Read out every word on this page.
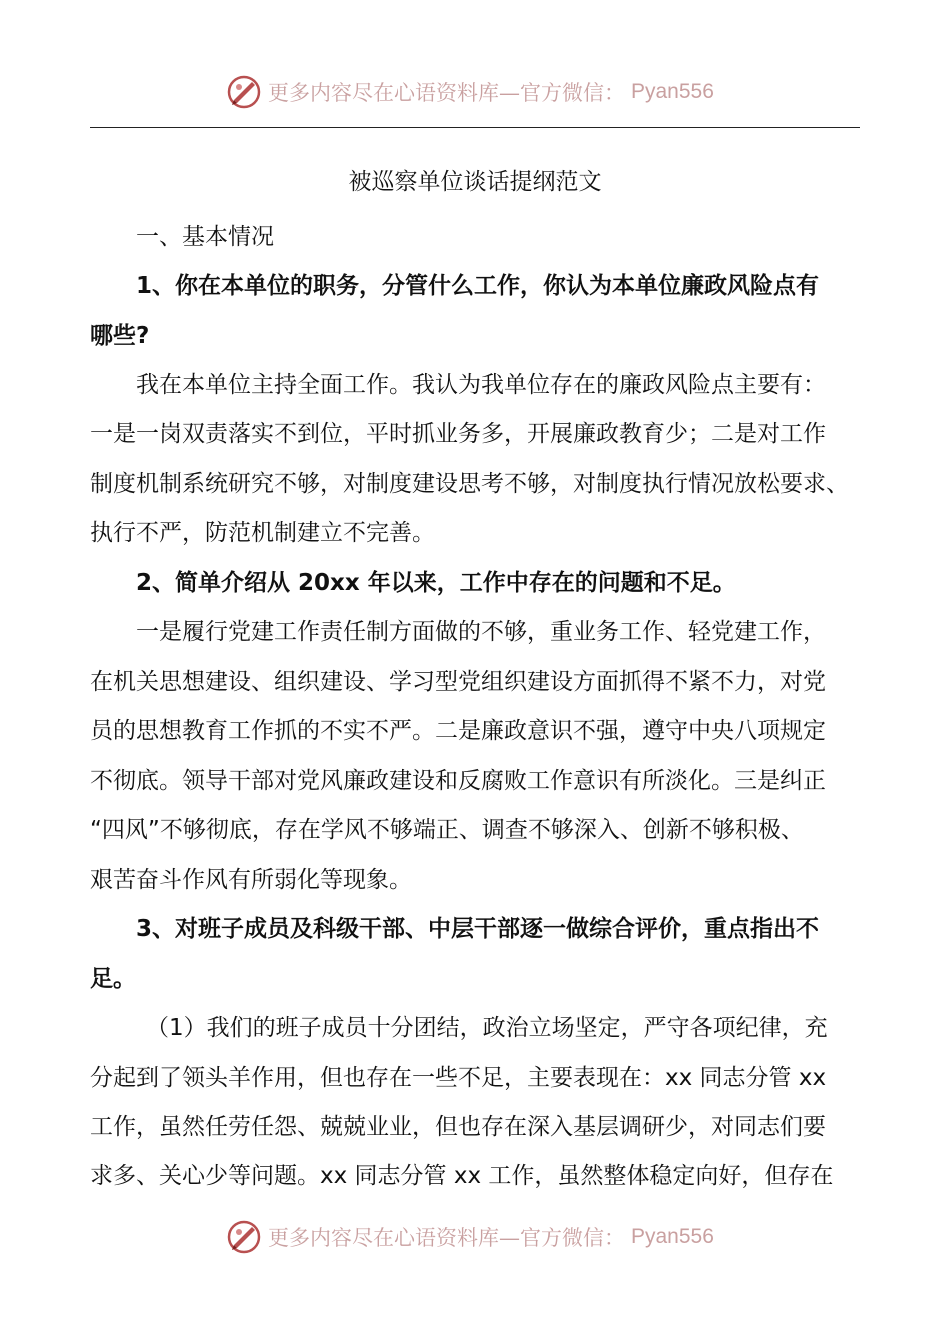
更多内容尽在心语资料库—官方微信： Pyan556
被巡察单位谈话提纲范文
一、基本情况
1、你在本单位的职务，分管什么工作，你认为本单位廉政风险点有
哪些?
我在本单位主持全面工作。我认为我单位存在的廉政风险点主要有：
一是一岗双责落实不到位，平时抓业务多，开展廉政教育少；二是对工作
制度机制系统研究不够，对制度建设思考不够，对制度执行情况放松要求、
执行不严，防范机制建立不完善。
2、简单介绍从 20xx 年以来，工作中存在的问题和不足。
一是履行党建工作责任制方面做的不够，重业务工作、轻党建工作，
在机关思想建设、组织建设、学习型党组织建设方面抓得不紧不力，对党
员的思想教育工作抓的不实不严。二是廉政意识不强，遵守中央八项规定
不彻底。领导干部对党风廉政建设和反腐败工作意识有所淡化。三是纠正
“四风”不够彻底，存在学风不够端正、调查不够深入、创新不够积极、
艰苦奋斗作风有所弱化等现象。
3、对班子成员及科级干部、中层干部逐一做综合评价，重点指出不
足。
（1）我们的班子成员十分团结，政治立场坚定，严守各项纪律，充
分起到了领头羊作用，但也存在一些不足，主要表现在：xx 同志分管 xx
工作，虽然任劳任怨、兢兢业业，但也存在深入基层调研少，对同志们要
求多、关心少等问题。xx 同志分管 xx 工作，虽然整体稳定向好，但存在
更多内容尽在心语资料库—官方微信： Pyan556
